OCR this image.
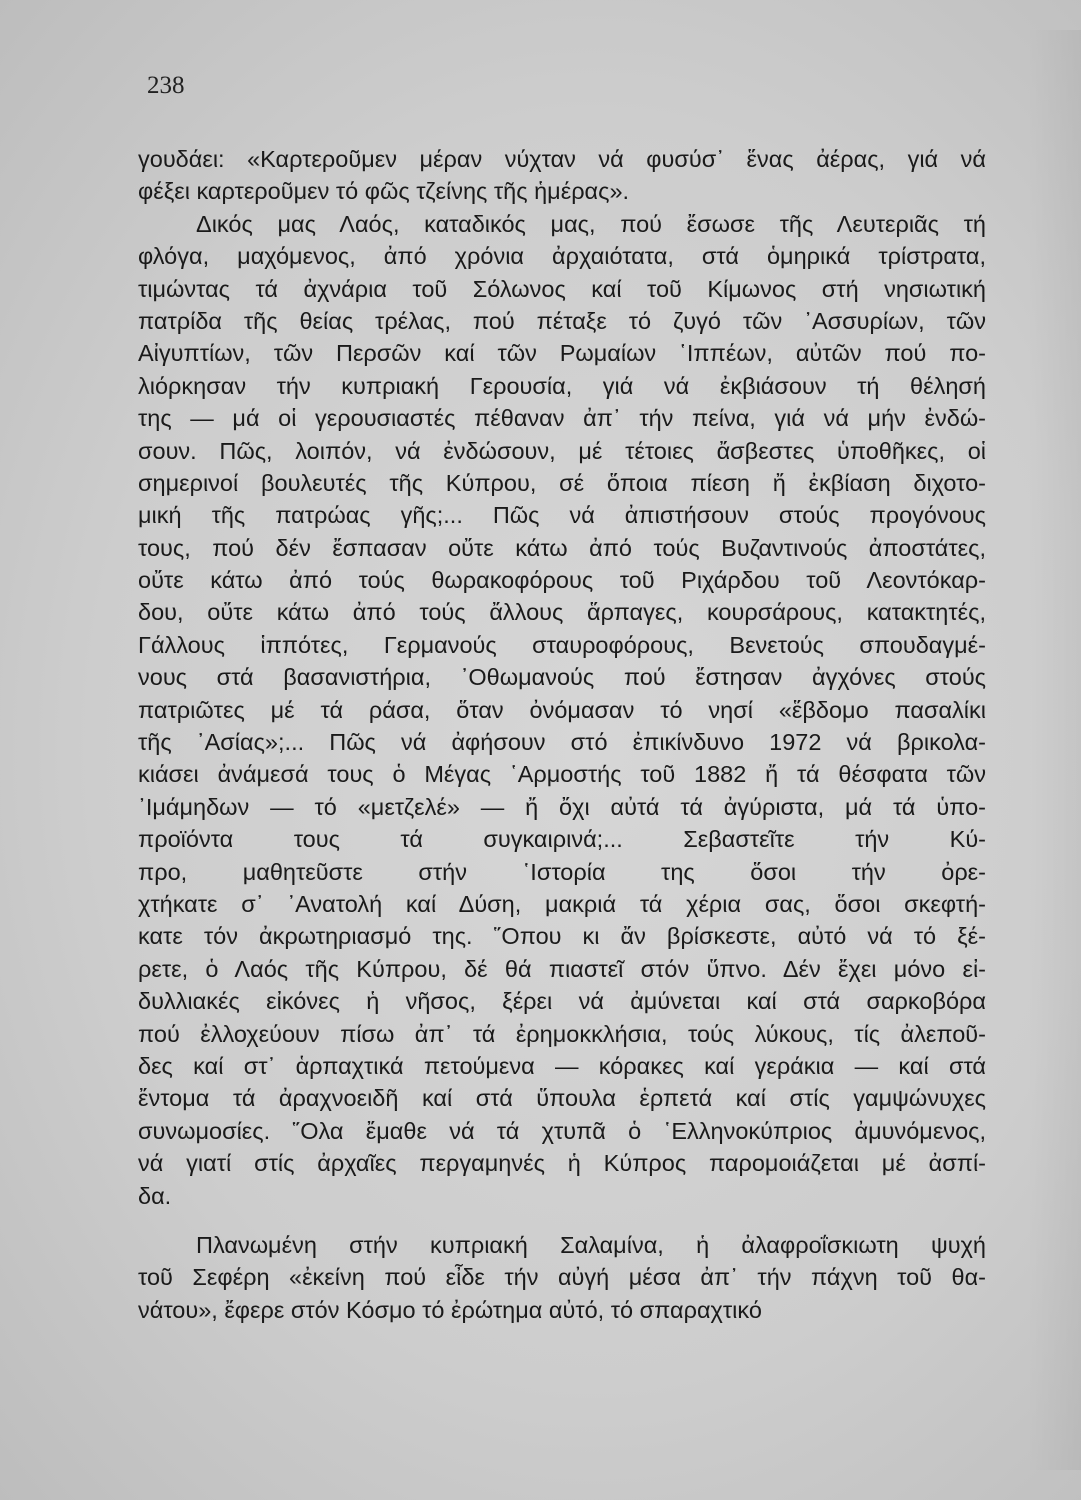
238
γουδάει: «Καρτεροῦμεν μέραν νύχταν νά φυσύσ᾽ ἕνας ἀέρας, γιά νά
φέξει καρτεροῦμεν τό φῶς τζείνης τῆς ἡμέρας».
Δικός μας Λαός, καταδικός μας, πού ἔσωσε τῆς Λευτεριᾶς τή
φλόγα, μαχόμενος, ἀπό χρόνια ἀρχαιότατα, στά ὁμηρικά τρίστρατα,
τιμώντας τά ἀχνάρια τοῦ Σόλωνος καί τοῦ Κίμωνος στή νησιωτική
πατρίδα τῆς θείας τρέλας, πού πέταξε τό ζυγό τῶν ᾿Ασσυρίων, τῶν
Αἰγυπτίων, τῶν Περσῶν καί τῶν Ρωμαίων ῾Ιππέων, αὐτῶν πού πο-
λιόρκησαν τήν κυπριακή Γερουσία, γιά νά ἐκβιάσουν τή θέλησή
της — μά οἱ γερουσιαστές πέθαναν ἀπ᾽ τήν πείνα, γιά νά μήν ἐνδώ-
σουν. Πῶς, λοιπόν, νά ἐνδώσουν, μέ τέτοιες ἄσβεστες ὑποθῆκες, οἱ
σημερινοί βουλευτές τῆς Κύπρου, σέ ὅποια πίεση ἤ ἐκβίαση διχοτο-
μική τῆς πατρώας γῆς;... Πῶς νά ἀπιστήσουν στούς προγόνους
τους, πού δέν ἔσπασαν οὔτε κάτω ἀπό τούς Βυζαντινούς ἀποστάτες,
οὔτε κάτω ἀπό τούς θωρακοφόρους τοῦ Ριχάρδου τοῦ Λεοντόκαρ-
δου, οὔτε κάτω ἀπό τούς ἄλλους ἅρπαγες, κουρσάρους, κατακτητές,
Γάλλους ἱππότες, Γερμανούς σταυροφόρους, Βενετούς σπουδαγμέ-
νους στά βασανιστήρια, ᾿Οθωμανούς πού ἔστησαν ἀγχόνες στούς
πατριῶτες μέ τά ράσα, ὅταν ὀνόμασαν τό νησί «ἕβδομο πασαλίκι
τῆς ᾿Ασίας»;... Πῶς νά ἀφήσουν στό ἐπικίνδυνο 1972 νά βρικολα-
κιάσει ἀνάμεσά τους ὁ Μέγας ῾Αρμοστής τοῦ 1882 ἤ τά θέσφατα τῶν
᾿Ιμάμηδων — τό «μετζελέ» — ἤ ὄχι αὐτά τά ἀγύριστα, μά τά ὑπο-
προϊόντα τους τά συγκαιρινά;... Σεβαστεῖτε τήν Κύ-
προ, μαθητεῦστε στήν ῾Ιστορία της ὅσοι τήν ὀρε-
χτήκατε σ᾽ ᾿Ανατολή καί Δύση, μακριά τά χέρια σας, ὅσοι σκεφτή-
κατε τόν ἀκρωτηριασμό της. ῞Οπου κι ἄν βρίσκεστε, αὐτό νά τό ξέ-
ρετε, ὁ Λαός τῆς Κύπρου, δέ θά πιαστεῖ στόν ὕπνο. Δέν ἔχει μόνο εἰ-
δυλλιακές εἰκόνες ἡ νῆσος, ξέρει νά ἀμύνεται καί στά σαρκοβόρα
πού ἐλλοχεύουν πίσω ἀπ᾽ τά ἐρημοκκλήσια, τούς λύκους, τίς ἀλεποῦ-
δες καί στ᾽ ἁρπαχτικά πετούμενα — κόρακες καί γεράκια — καί στά
ἔντομα τά ἀραχνοειδῆ καί στά ὕπουλα ἑρπετά καί στίς γαμψώνυχες
συνωμοσίες. ῞Ολα ἔμαθε νά τά χτυπᾶ ὁ ῾Ελληνοκύπριος ἀμυνόμενος,
νά γιατί στίς ἀρχαῖες περγαμηνές ἡ Κύπρος παρομοιάζεται μέ ἀσπί-
δα.
Πλανωμένη στήν κυπριακή Σαλαμίνα, ἡ ἀλαφροΐσκιωτη ψυχή
τοῦ Σεφέρη «ἐκείνη πού εἶδε τήν αὐγή μέσα ἀπ᾽ τήν πάχνη τοῦ θα-
νάτου», ἔφερε στόν Κόσμο τό ἐρώτημα αὐτό, τό σπαραχτικό
